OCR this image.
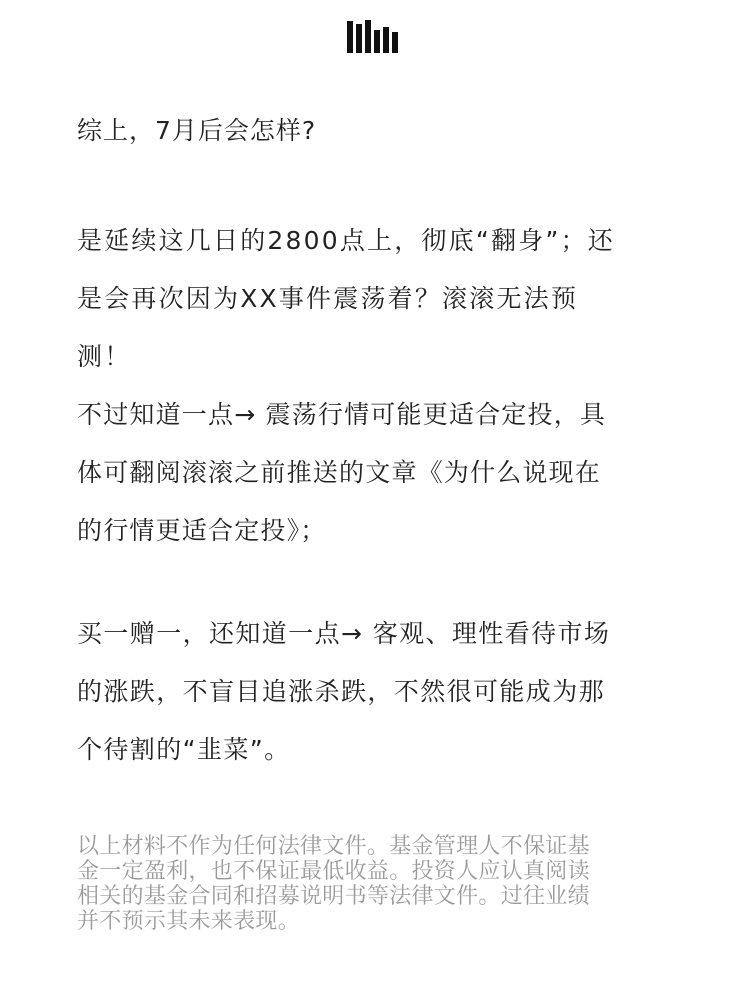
综上，7月后会怎样?

是延续这几日的2800点上，彻底“翻身”；还
是会再次因为XX事件震荡着？滚滚无法预
测！

不过知道一点→ 震荡行情可能更适合定投，具
体可翻阅滚滚之前推送的文章《为什么说现在
的行情更适合定投》；

买一赠一，还知道一点→ 客观、理性看待市场
的涨跌，不盲目追涨杀跌，不然很可能成为那
个待割的“韭菜”。

以上材料不作为任何法律文件。基金管理人不保证基
金一定盈利，也不保证最低收益。投资人应认真阅读
相关的基金合同和招募说明书等法律文件。过往业绩
并不预示其未来表现。
